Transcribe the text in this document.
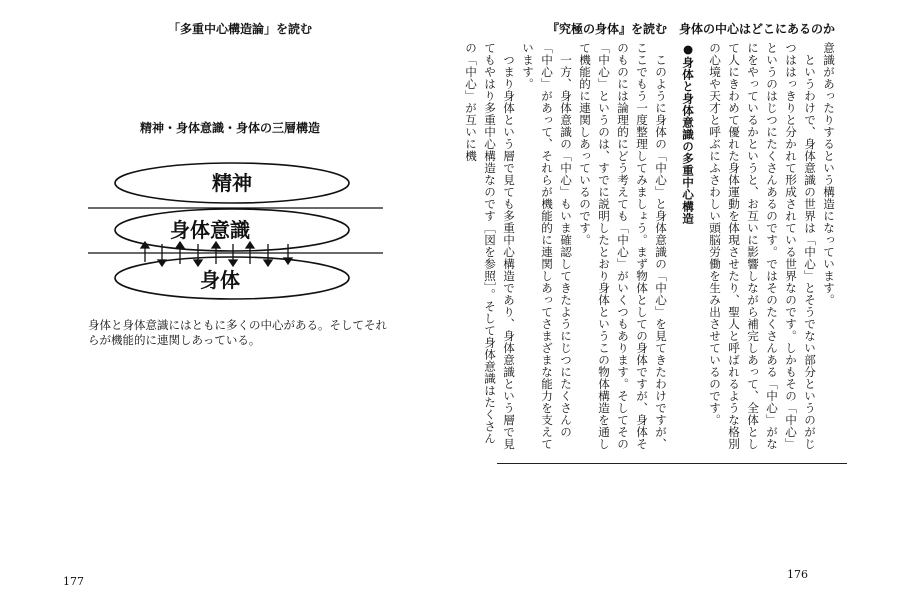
「多重中心構造論」を読む
精神・身体意識・身体の三層構造
精神
身体意識
身体
身体と身体意識にはともに多くの中心がある。そしてそれらが機能的に連関しあっている。
177
『究極の身体』を読む　身体の中心はどこにあるのか

意識があったりするという構造になっています。

というわけで、身体意識の世界は「中心」とそうでない部分というのがじつははっきりと分かれて形成されている世界なのです。しかもその「中心」というのはじつにたくさんあるのです。ではそのたくさんある「中心」がなにをやっているかというと、お互いに影響しながら補完しあって、全体として人にきわめて優れた身体運動を体現させたり、聖人と呼ばれるような格別の心境や天才と呼ぶにふさわしい頭脳労働を生み出させているのです。

●身体と身体意識の多重中心構造

このように身体の「中心」と身体意識の「中心」を見てきたわけですが、ここでもう一度整理してみましょう。まず物体としての身体ですが、身体そのものには論理的にどう考えても「中心」がいくつもあります。そしてその「中心」というのは、すでに説明したとおり身体というこの物体構造を通して機能的に連関しあっているのです。

一方、身体意識の「中心」もいま確認してきたようにじつにたくさんの「中心」があって、それらが機能的に連関しあってさまざまな能力を支えています。

つまり身体という層で見ても多重中心構造であり、身体意識という層で見てもやはり多重中心構造なのです［図を参照］。そして身体意識はたくさんの「中心」が互いに機

176
